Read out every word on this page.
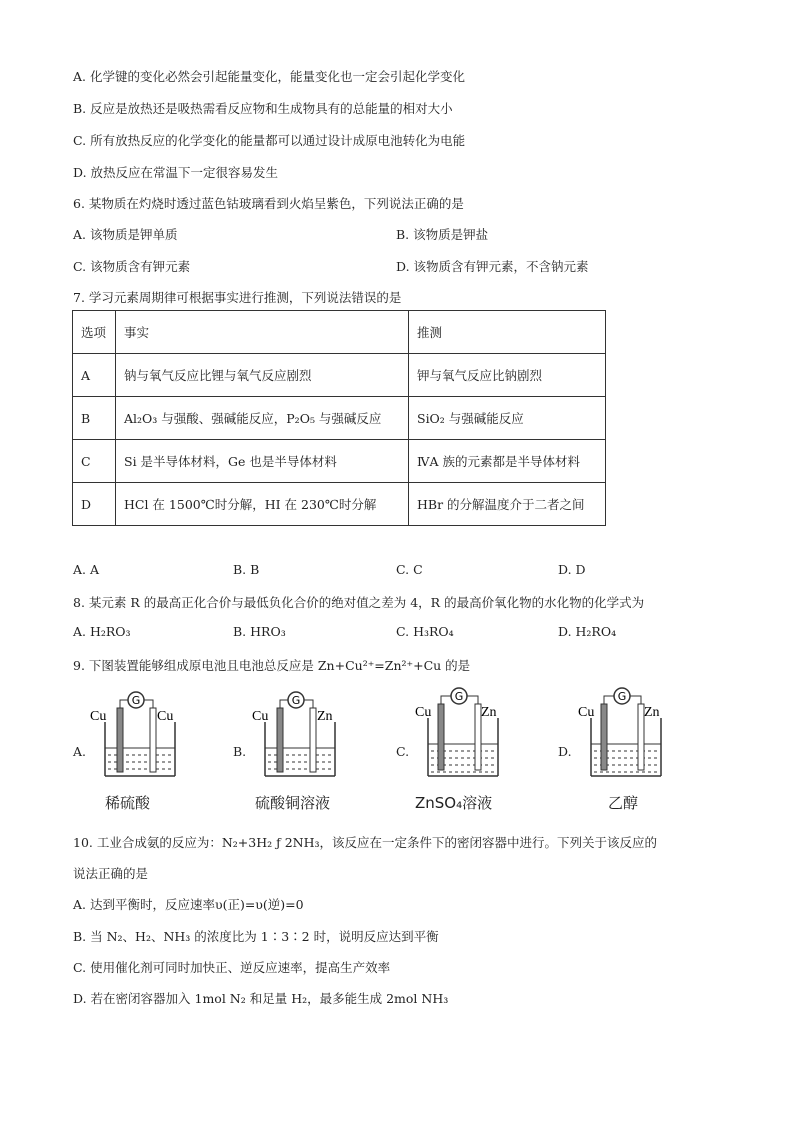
A. 化学键的变化必然会引起能量变化，能量变化也一定会引起化学变化
B. 反应是放热还是吸热需看反应物和生成物具有的总能量的相对大小
C. 所有放热反应的化学变化的能量都可以通过设计成原电池转化为电能
D. 放热反应在常温下一定很容易发生
6. 某物质在灼烧时透过蓝色钴玻璃看到火焰呈紫色，下列说法正确的是
A. 该物质是钾单质	B. 该物质是钾盐
C. 该物质含有钾元素	D. 该物质含有钾元素，不含钠元素
7. 学习元素周期律可根据事实进行推测，下列说法错误的是
选项	事实	推测
A	钠与氧气反应比锂与氧气反应剧烈	钾与氧气反应比钠剧烈
B	Al₂O₃ 与强酸、强碱能反应，P₂O₅ 与强碱反应	SiO₂ 与强碱能反应
C	Si 是半导体材料，Ge 也是半导体材料	ⅣA 族的元素都是半导体材料
D	HCl 在 1500℃时分解，HI 在 230℃时分解	HBr 的分解温度介于二者之间
A. A	B. B	C. C	D. D
8. 某元素 R 的最高正化合价与最低负化合价的绝对值之差为 4，R 的最高价氧化物的水化物的化学式为
A. H₂RO₃	B. HRO₃	C. H₃RO₄	D. H₂RO₄
9. 下图装置能够组成原电池且电池总反应是 Zn+Cu²⁺=Zn²⁺+Cu 的是
A.
G
Cu	Cu
稀硫酸
B.
G
Cu	Zn
硫酸铜溶液
C.
G
Cu	Zn
ZnSO₄溶液
D.
G
Cu	Zn
乙醇
10. 工业合成氨的反应为：N₂+3H₂ ƒ 2NH₃，该反应在一定条件下的密闭容器中进行。下列关于该反应的
说法正确的是
A. 达到平衡时，反应速率υ(正)=υ(逆)=0
B. 当 N₂、H₂、NH₃ 的浓度比为 1∶3∶2 时，说明反应达到平衡
C. 使用催化剂可同时加快正、逆反应速率，提高生产效率
D. 若在密闭容器加入 1mol N₂ 和足量 H₂，最多能生成 2mol NH₃
